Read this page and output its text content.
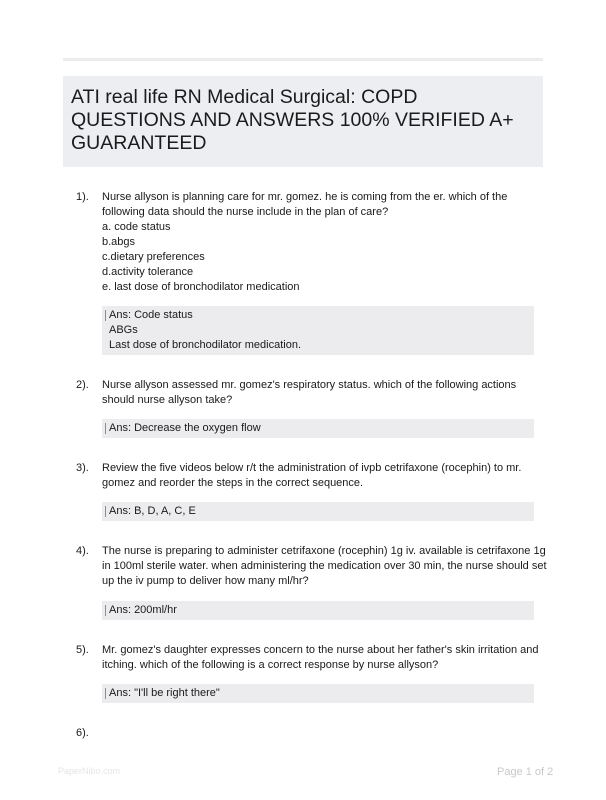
ATI real life RN Medical Surgical: COPD QUESTIONS AND ANSWERS 100% VERIFIED A+ GUARANTEED
1). Nurse allyson is planning care for mr. gomez. he is coming from the er. which of the
following data should the nurse include in the plan of care?
a. code status
b.abgs
c.dietary preferences
d.activity tolerance
e. last dose of bronchodilator medication
Ans: Code status
ABGs
Last dose of bronchodilator medication.
2). Nurse allyson assessed mr. gomez's respiratory status. which of the following actions
should nurse allyson take?
Ans: Decrease the oxygen flow
3). Review the five videos below r/t the administration of ivpb cetrifaxone (rocephin) to mr.
gomez and reorder the steps in the correct sequence.
Ans: B, D, A, C, E
4). The nurse is preparing to administer cetrifaxone (rocephin) 1g iv. available is cetrifaxone 1g
in 100ml sterile water. when administering the medication over 30 min, the nurse should set
up the iv pump to deliver how many ml/hr?
Ans: 200ml/hr
5). Mr. gomez's daughter expresses concern to the nurse about her father's skin irritation and
itching. which of the following is a correct response by nurse allyson?
Ans: "I'll be right there"
6).
PaperNibo.com	Page 1 of 2
